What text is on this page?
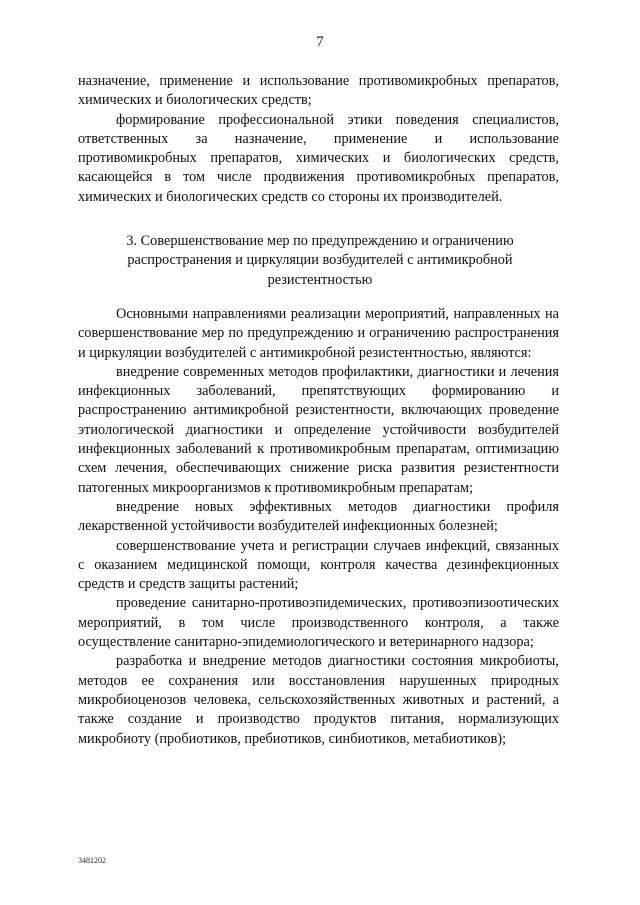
7

назначение, применение и использование противомикробных препаратов, химических и биологических средств;

формирование профессиональной этики поведения специалистов, ответственных за назначение, применение и использование противомикробных препаратов, химических и биологических средств, касающейся в том числе продвижения противомикробных препаратов, химических и биологических средств со стороны их производителей.

3. Совершенствование мер по предупреждению и ограничению распространения и циркуляции возбудителей с антимикробной резистентностью

Основными направлениями реализации мероприятий, направленных на совершенствование мер по предупреждению и ограничению распространения и циркуляции возбудителей с антимикробной резистентностью, являются:

внедрение современных методов профилактики, диагностики и лечения инфекционных заболеваний, препятствующих формированию и распространению антимикробной резистентности, включающих проведение этиологической диагностики и определение устойчивости возбудителей инфекционных заболеваний к противомикробным препаратам, оптимизацию схем лечения, обеспечивающих снижение риска развития резистентности патогенных микроорганизмов к противомикробным препаратам;

внедрение новых эффективных методов диагностики профиля лекарственной устойчивости возбудителей инфекционных болезней;

совершенствование учета и регистрации случаев инфекций, связанных с оказанием медицинской помощи, контроля качества дезинфекционных средств и средств защиты растений;

проведение санитарно-противоэпидемических, противоэпизоотических мероприятий, в том числе производственного контроля, а также осуществление санитарно-эпидемиологического и ветеринарного надзора;

разработка и внедрение методов диагностики состояния микробиоты, методов ее сохранения или восстановления нарушенных природных микробиоценозов человека, сельскохозяйственных животных и растений, а также создание и производство продуктов питания, нормализующих микробиоту (пробиотиков, пребиотиков, синбиотиков, метабиотиков);

3481202
